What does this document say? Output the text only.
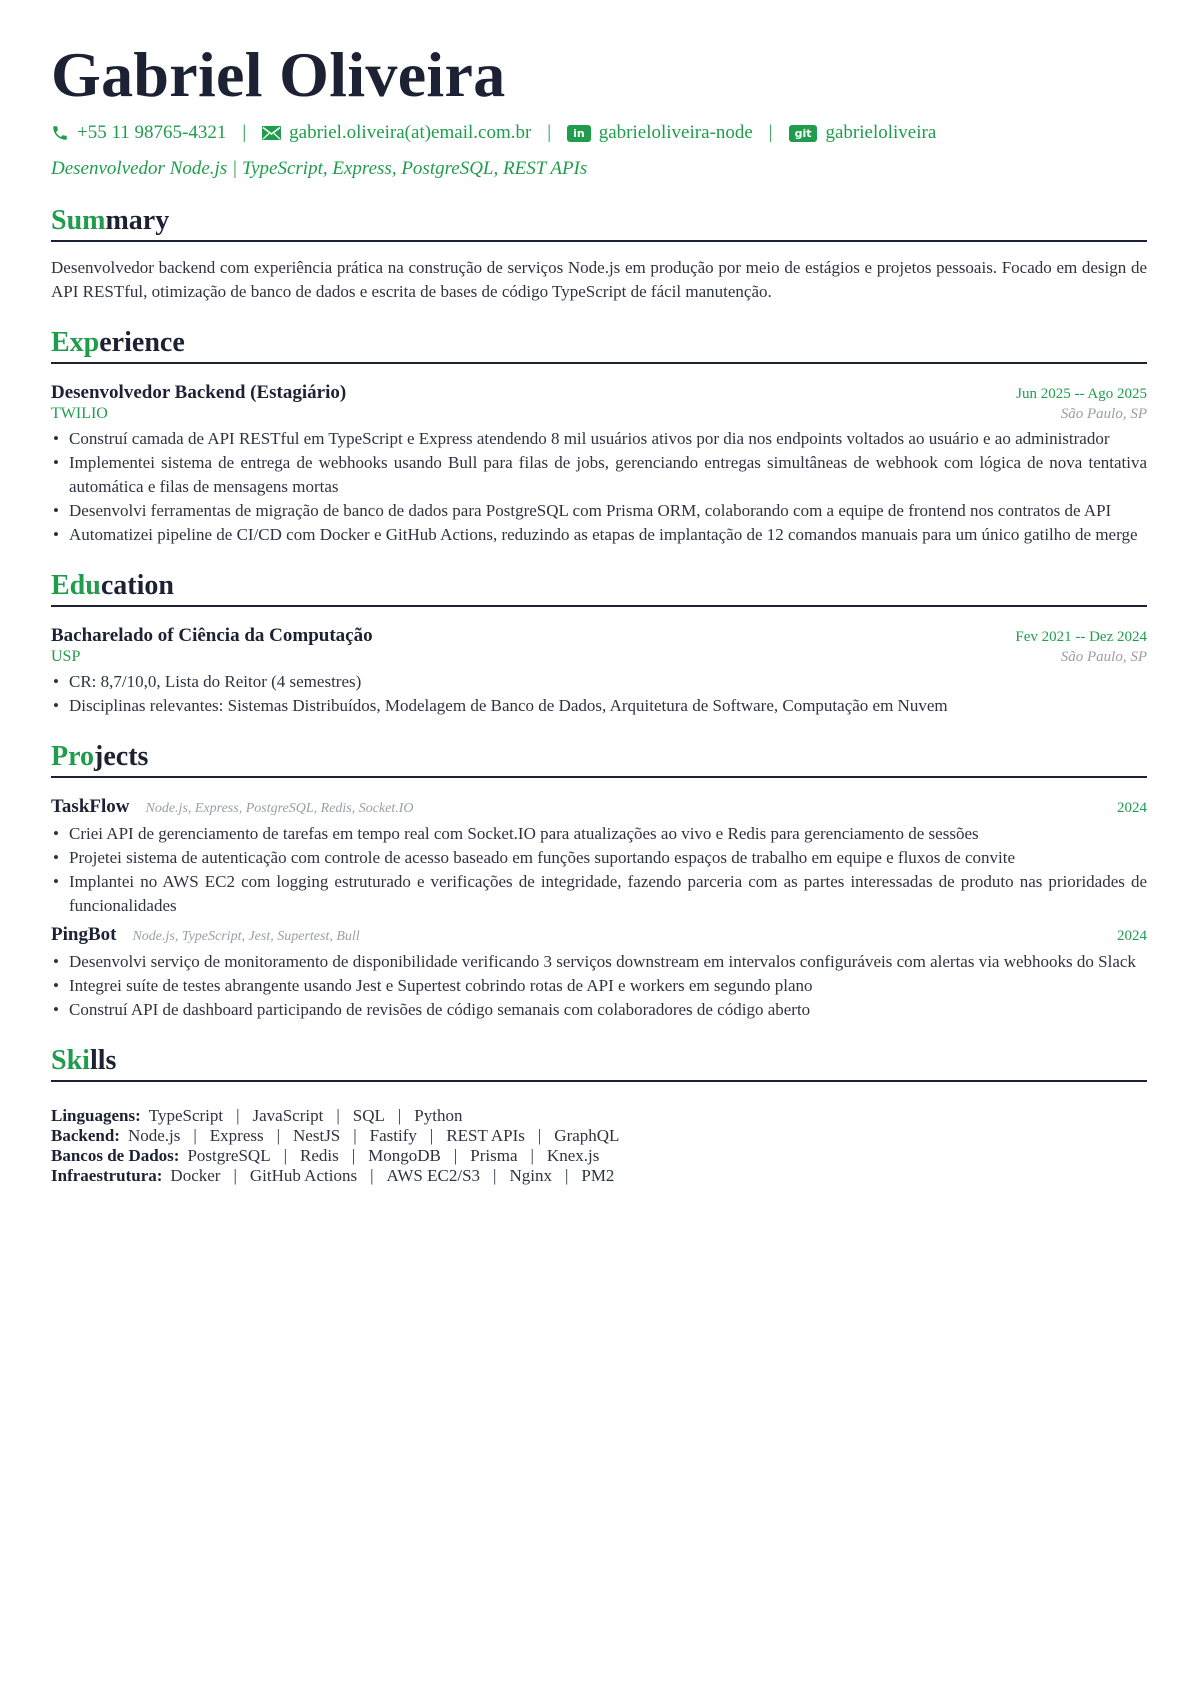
Gabriel Oliveira
+55 11 98765-4321 | gabriel.oliveira(at)email.com.br |	in gabrieloliveira-node |	git gabrieloliveira
Desenvolvedor Node.js | TypeScript, Express, PostgreSQL, REST APIs
Summary

Desenvolvedor backend com experiência prática na construção de serviços Node.js em produção por meio de estágios e projetos pessoais. Focado em design de API RESTful, otimização de banco de dados e escrita de bases de código TypeScript de fácil manutenção.

Experience
Desenvolvedor Backend (Estagiário)	Jun 2025 -- Ago 2025
TWILIO	São Paulo, SP
• Construí camada de API RESTful em TypeScript e Express atendendo 8 mil usuários ativos por dia nos endpoints voltados ao usuário e ao administrador
• Implementei sistema de entrega de webhooks usando Bull para filas de jobs, gerenciando entregas simultâneas de webhook com lógica de nova tentativa automática e filas de mensagens mortas
• Desenvolvi ferramentas de migração de banco de dados para PostgreSQL com Prisma ORM, colaborando com a equipe de frontend nos contratos de API
• Automatizei pipeline de CI/CD com Docker e GitHub Actions, reduzindo as etapas de implantação de 12 comandos manuais para um único gatilho de merge
Education
Bacharelado of Ciência da Computação	Fev 2021 -- Dez 2024
USP	São Paulo, SP
• CR: 8,7/10,0, Lista do Reitor (4 semestres)
• Disciplinas relevantes: Sistemas Distribuídos, Modelagem de Banco de Dados, Arquitetura de Software, Computação em Nuvem
Projects
TaskFlow Node.js, Express, PostgreSQL, Redis, Socket.IO	2024
• Criei API de gerenciamento de tarefas em tempo real com Socket.IO para atualizações ao vivo e Redis para gerenciamento de sessões
• Projetei sistema de autenticação com controle de acesso baseado em funções suportando espaços de trabalho em equipe e fluxos de convite
• Implantei no AWS EC2 com logging estruturado e verificações de integridade, fazendo parceria com as partes interessadas de produto nas prioridades de funcionalidades
PingBot Node.js, TypeScript, Jest, Supertest, Bull	2024
• Desenvolvi serviço de monitoramento de disponibilidade verificando 3 serviços downstream em intervalos configuráveis com alertas via webhooks do Slack
• Integrei suíte de testes abrangente usando Jest e Supertest cobrindo rotas de API e workers em segundo plano
• Construí API de dashboard participando de revisões de código semanais com colaboradores de código aberto
Skills
Linguagens: TypeScript | JavaScript | SQL | Python
Backend: Node.js | Express | NestJS | Fastify | REST APIs | GraphQL
Bancos de Dados: PostgreSQL | Redis | MongoDB | Prisma | Knex.js
Infraestrutura: Docker | GitHub Actions | AWS EC2/S3 | Nginx | PM2
